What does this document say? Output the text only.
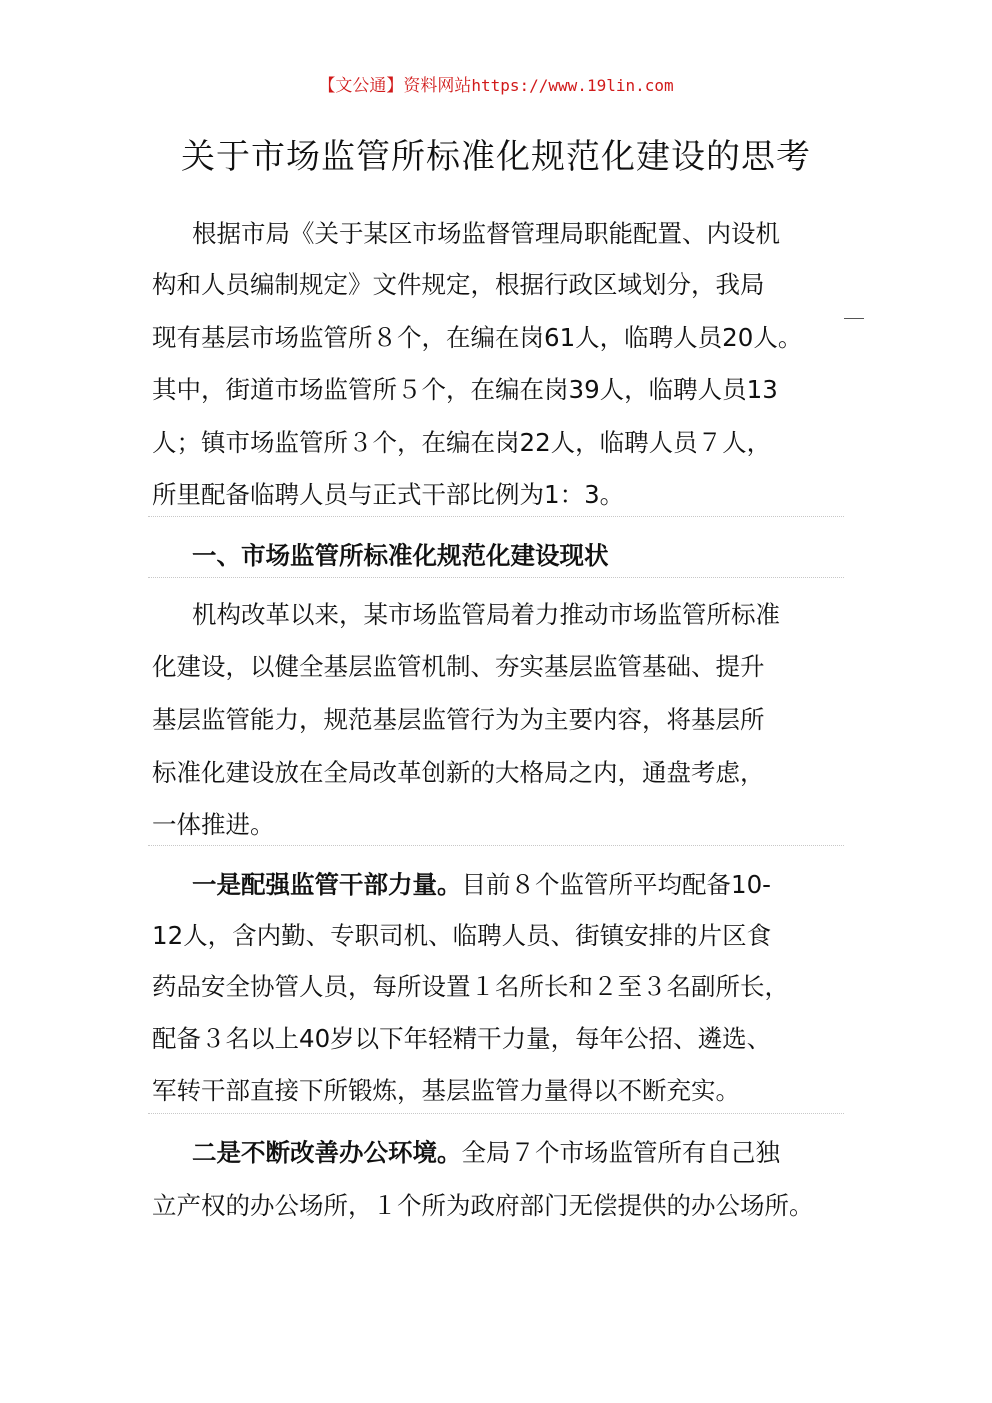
【文公通】资料网站https://www.19lin.com
关于市场监管所标准化规范化建设的思考
根据市局《关于某区市场监督管理局职能配置、内设机
构和人员编制规定》文件规定，根据行政区域划分，我局
现有基层市场监管所８个，在编在岗61人，临聘人员20人。
其中，街道市场监管所５个，在编在岗39人，临聘人员13
人；镇市场监管所３个，在编在岗22人，临聘人员７人，
所里配备临聘人员与正式干部比例为1：3。
一、市场监管所标准化规范化建设现状
机构改革以来，某市场监管局着力推动市场监管所标准
化建设，以健全基层监管机制、夯实基层监管基础、提升
基层监管能力，规范基层监管行为为主要内容，将基层所
标准化建设放在全局改革创新的大格局之内，通盘考虑，
一体推进。
一是配强监管干部力量。目前８个监管所平均配备10-
12人，含内勤、专职司机、临聘人员、街镇安排的片区食
药品安全协管人员，每所设置１名所长和２至３名副所长，
配备３名以上40岁以下年轻精干力量，每年公招、遴选、
军转干部直接下所锻炼，基层监管力量得以不断充实。
二是不断改善办公环境。全局７个市场监管所有自己独
立产权的办公场所，１个所为政府部门无偿提供的办公场所。
